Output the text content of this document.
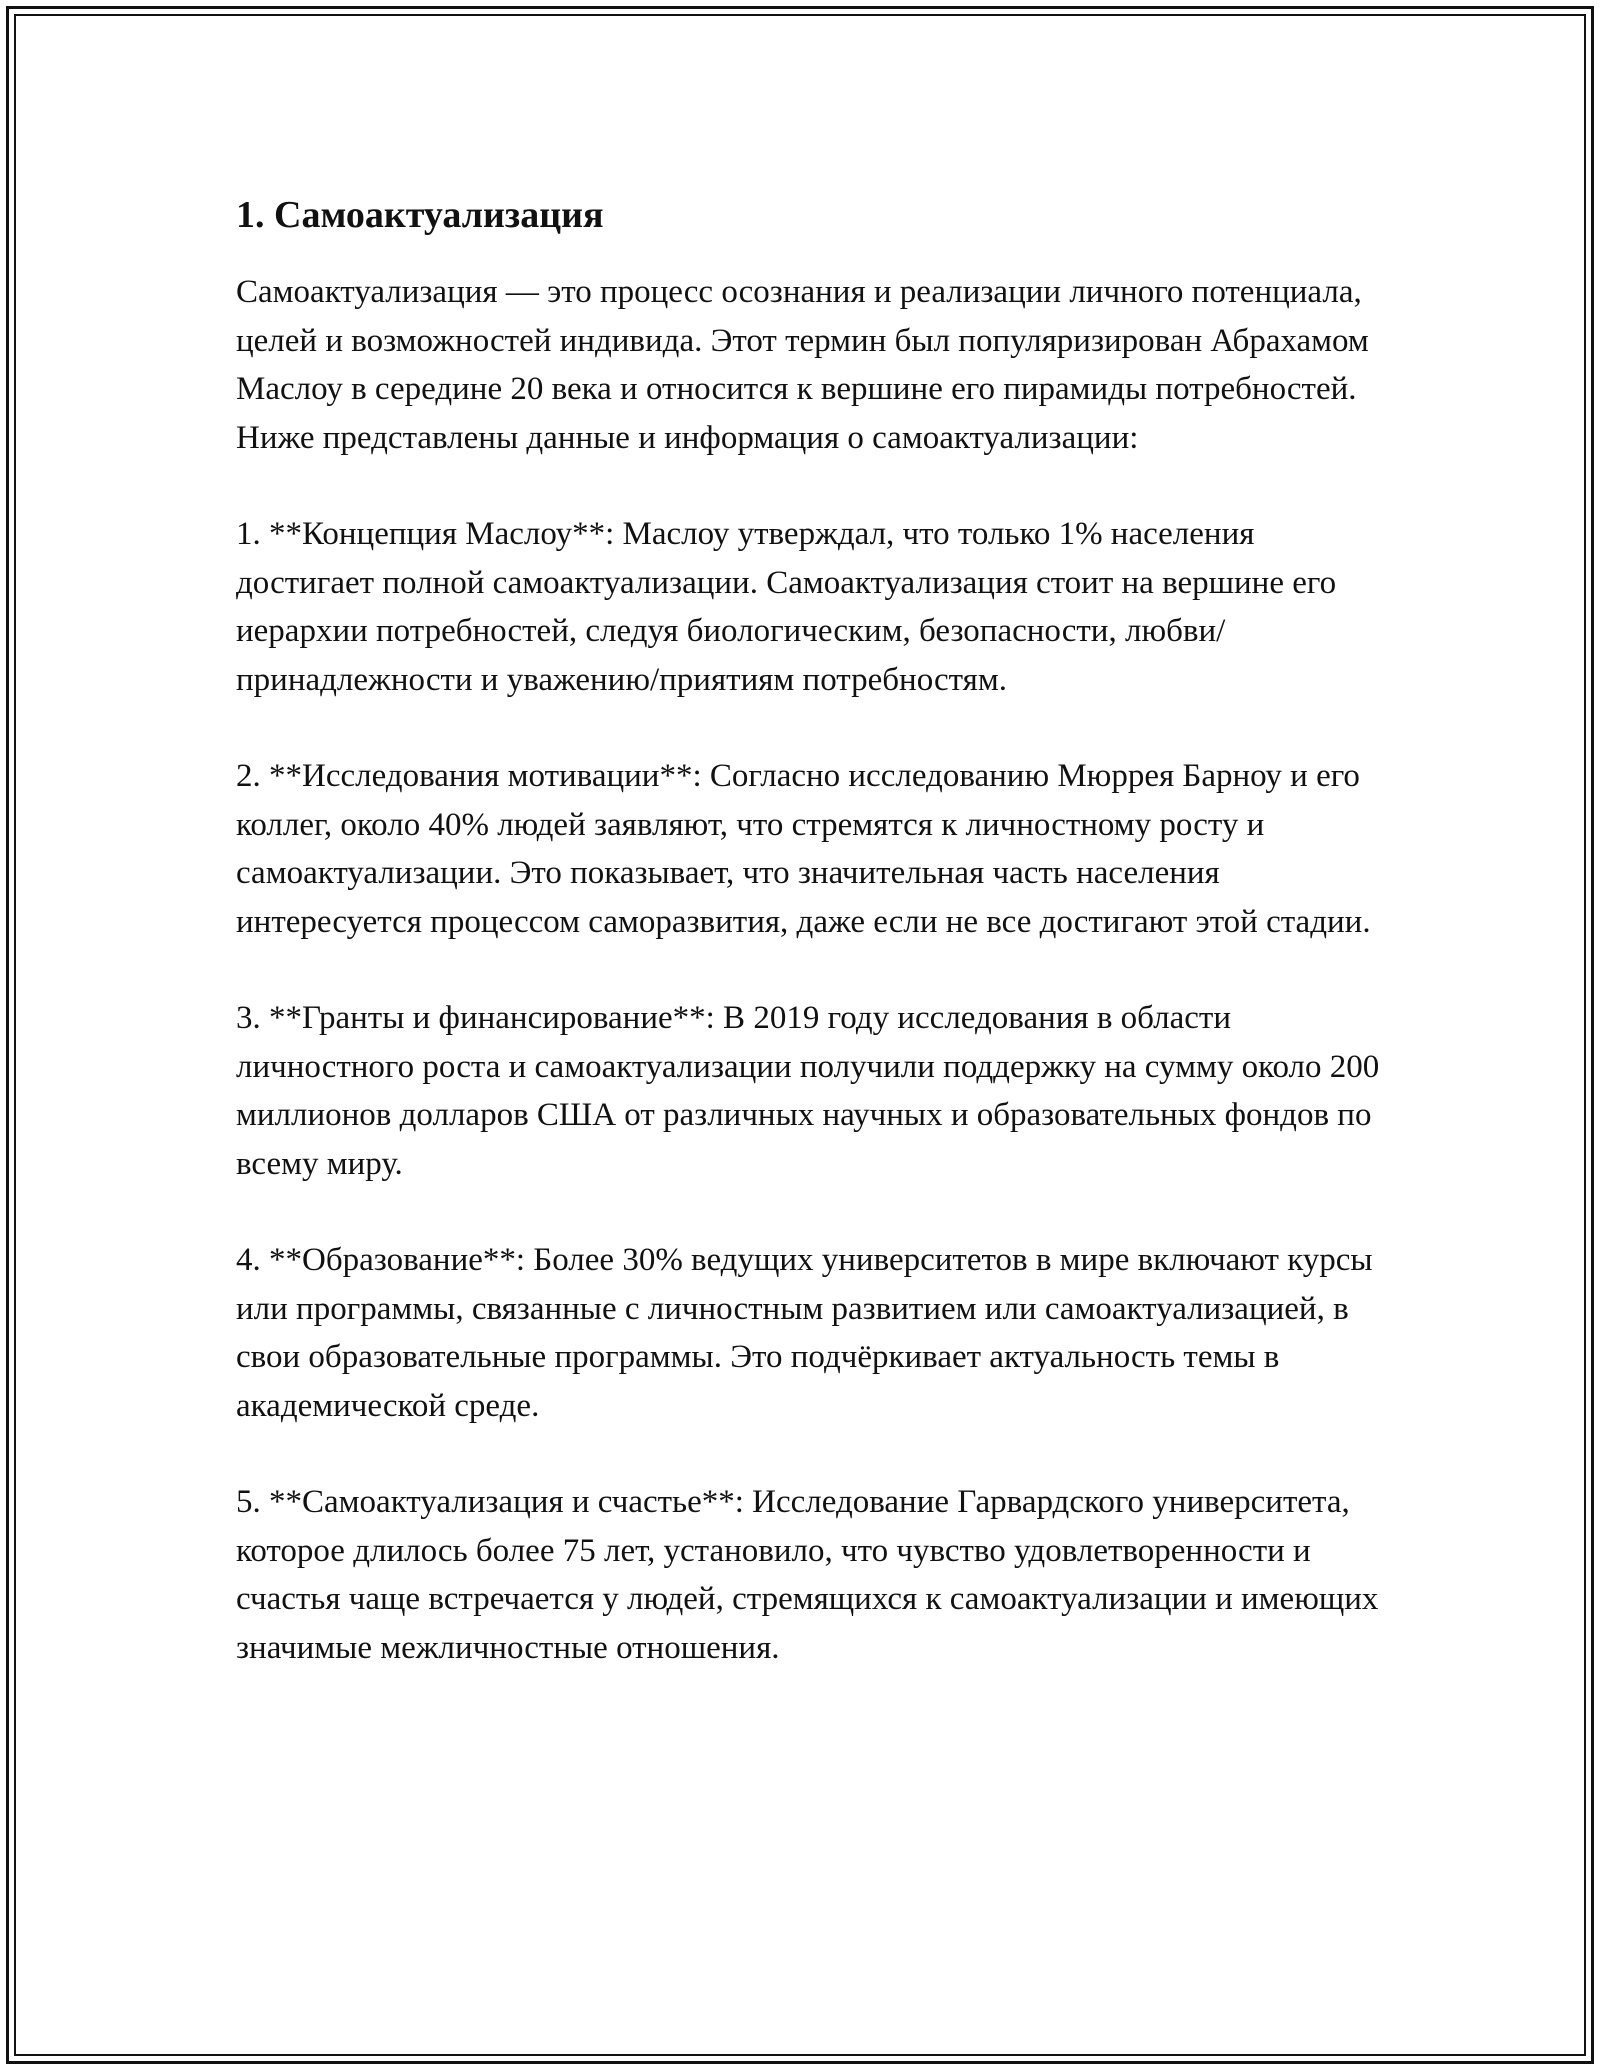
1. Самоактуализация

Самоактуализация — это процесс осознания и реализации личного потенциала, целей и возможностей индивида. Этот термин был популяризирован Абрахамом Маслоу в середине 20 века и относится к вершине его пирамиды потребностей. Ниже представлены данные и информация о самоактуализации:

1. **Концепция Маслоу**: Маслоу утверждал, что только 1% населения достигает полной самоактуализации. Самоактуализация стоит на вершине его иерархии потребностей, следуя биологическим, безопасности, любви/принадлежности и уважению/приятиям потребностям.

2. **Исследования мотивации**: Согласно исследованию Мюррея Барноу и его коллег, около 40% людей заявляют, что стремятся к личностному росту и самоактуализации. Это показывает, что значительная часть населения интересуется процессом саморазвития, даже если не все достигают этой стадии.

3. **Гранты и финансирование**: В 2019 году исследования в области личностного роста и самоактуализации получили поддержку на сумму около 200 миллионов долларов США от различных научных и образовательных фондов по всему миру.

4. **Образование**: Более 30% ведущих университетов в мире включают курсы или программы, связанные с личностным развитием или самоактуализацией, в свои образовательные программы. Это подчёркивает актуальность темы в академической среде.

5. **Самоактуализация и счастье**: Исследование Гарвардского университета, которое длилось более 75 лет, установило, что чувство удовлетворенности и счастья чаще встречается у людей, стремящихся к самоактуализации и имеющих значимые межличностные отношения.
